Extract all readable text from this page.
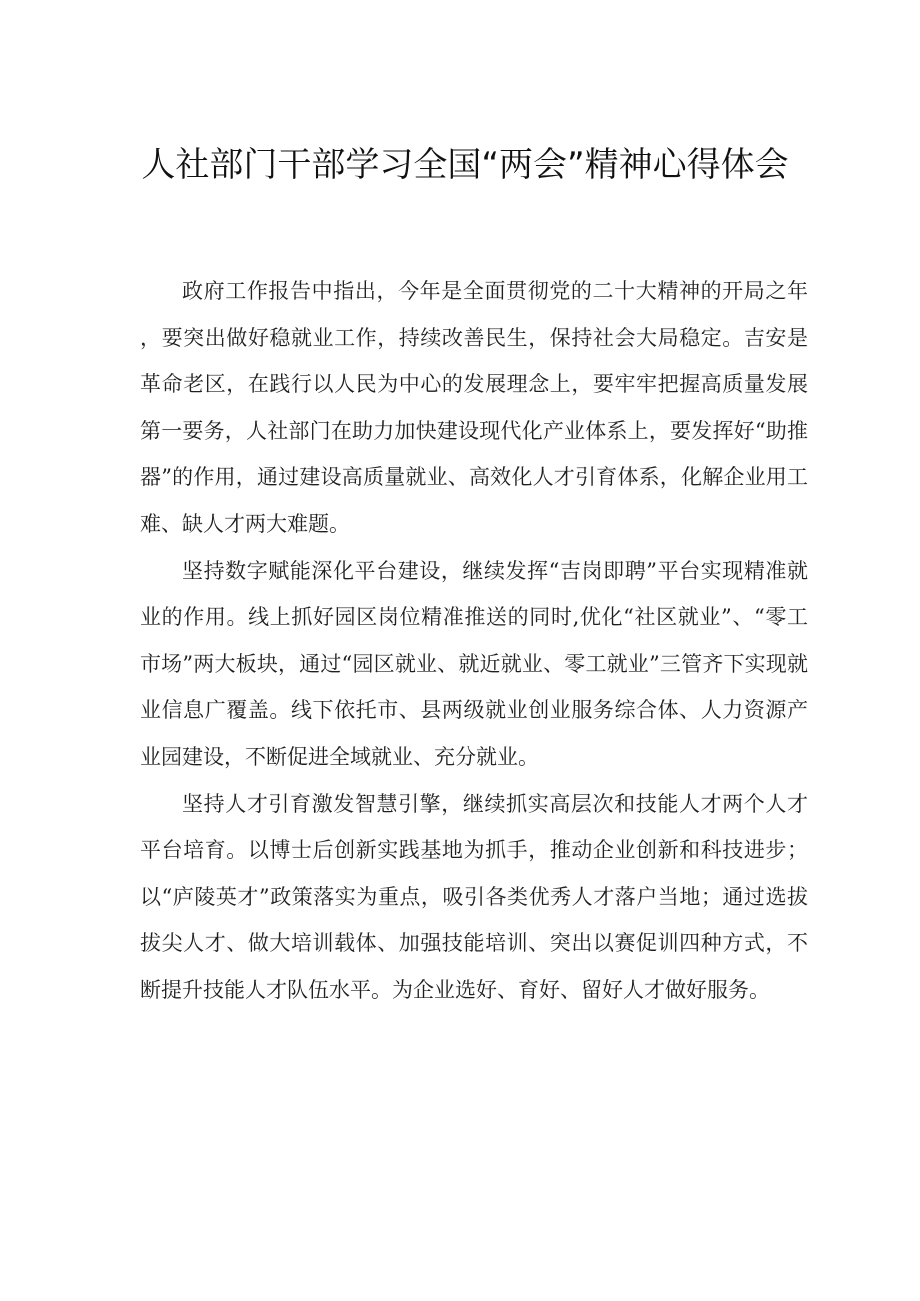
人社部门干部学习全国“两会”精神心得体会

政府工作报告中指出，今年是全面贯彻党的二十大精神的开局之年，要突出做好稳就业工作，持续改善民生，保持社会大局稳定。吉安是革命老区，在践行以人民为中心的发展理念上，要牢牢把握高质量发展第一要务，人社部门在助力加快建设现代化产业体系上，要发挥好“助推器”的作用，通过建设高质量就业、高效化人才引育体系，化解企业用工难、缺人才两大难题。

坚持数字赋能深化平台建设，继续发挥“吉岗即聘”平台实现精准就业的作用。线上抓好园区岗位精准推送的同时,优化“社区就业”、“零工市场”两大板块，通过“园区就业、就近就业、零工就业”三管齐下实现就业信息广覆盖。线下依托市、县两级就业创业服务综合体、人力资源产业园建设，不断促进全域就业、充分就业。

坚持人才引育激发智慧引擎，继续抓实高层次和技能人才两个人才平台培育。以博士后创新实践基地为抓手，推动企业创新和科技进步；以“庐陵英才”政策落实为重点，吸引各类优秀人才落户当地；通过选拔拔尖人才、做大培训载体、加强技能培训、突出以赛促训四种方式，不断提升技能人才队伍水平。为企业选好、育好、留好人才做好服务。
